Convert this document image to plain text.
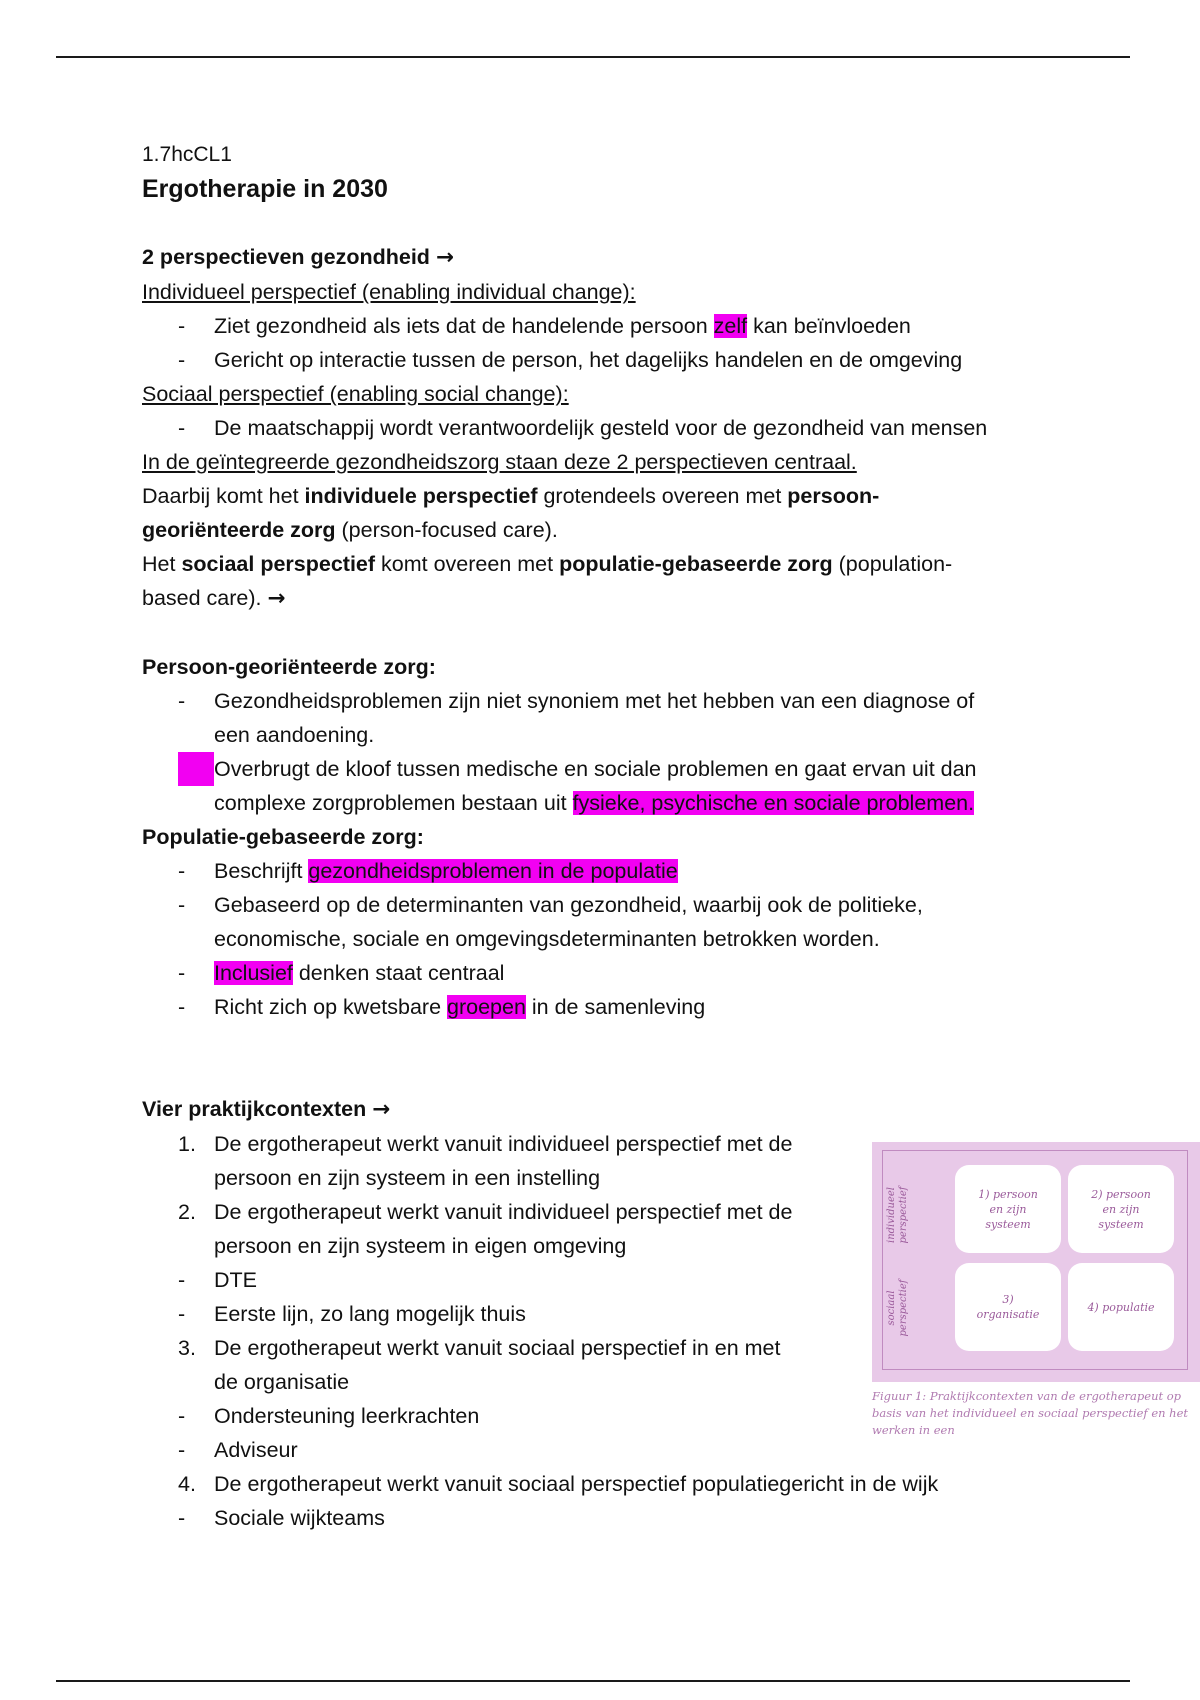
1.7hcCL1

Ergotherapie in 2030

2 perspectieven gezondheid →

Individueel perspectief (enabling individual change):

-	Ziet gezondheid als iets dat de handelende persoon zelf kan beïnvloeden
-	Gericht op interactie tussen de person, het dagelijks handelen en de omgeving

Sociaal perspectief (enabling social change):

-	De maatschappij wordt verantwoordelijk gesteld voor de gezondheid van mensen

In de geïntegreerde gezondheidszorg staan deze 2 perspectieven centraal.

Daarbij komt het individuele perspectief grotendeels overeen met persoon-
georiënteerde zorg (person-focused care).

Het sociaal perspectief komt overeen met populatie-gebaseerde zorg (population-
based care). →

Persoon-georiënteerde zorg:

-	Gezondheidsproblemen zijn niet synoniem met het hebben van een diagnose of
een aandoening.
Overbrugt de kloof tussen medische en sociale problemen en gaat ervan uit dan
complexe zorgproblemen bestaan uit fysieke, psychische en sociale problemen.

Populatie-gebaseerde zorg:

-	Beschrijft gezondheidsproblemen in de populatie
-	Gebaseerd op de determinanten van gezondheid, waarbij ook de politieke,
economische, sociale en omgevingsdeterminanten betrokken worden.
-	Inclusief denken staat centraal
-	Richt zich op kwetsbare groepen in de samenleving

Vier praktijkcontexten →

1. De ergotherapeut werkt vanuit individueel perspectief met de
persoon en zijn systeem in een instelling
2. De ergotherapeut werkt vanuit individueel perspectief met de
persoon en zijn systeem in eigen omgeving
-	DTE
-	Eerste lijn, zo lang mogelijk thuis
3. De ergotherapeut werkt vanuit sociaal perspectief in en met
de organisatie
-	Ondersteuning leerkrachten
-	Adviseur
4. De ergotherapeut werkt vanuit sociaal perspectief populatiegericht in de wijk
-	Sociale wijkteams
individueel perspectief
sociaal perspectief
1) persoon en zijn systeem
2) persoon en zijn systeem
3) organisatie
4) populatie
Figuur 1: Praktijkcontexten van de ergotherapeut op basis van het individueel en sociaal perspectief en het werken in een
